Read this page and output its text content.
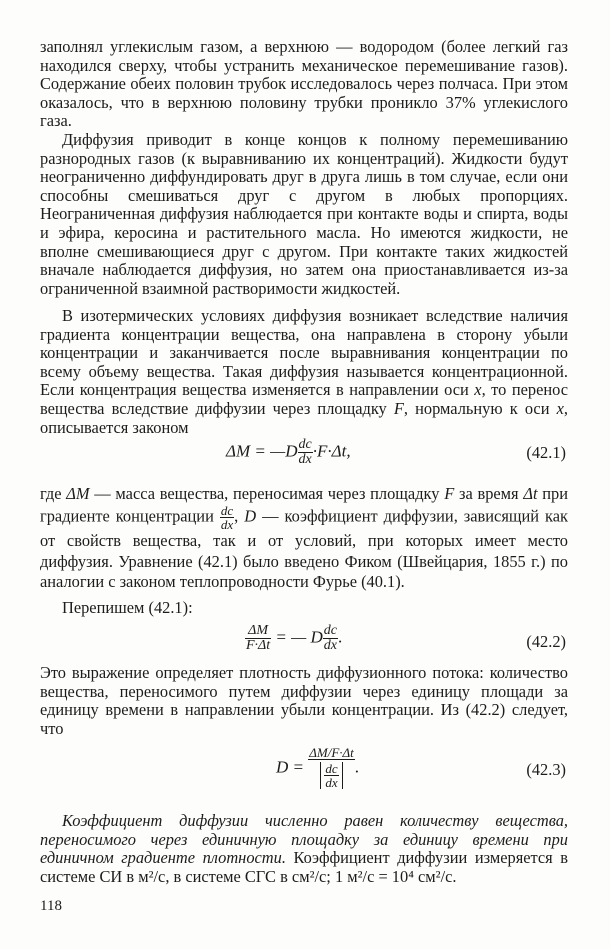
заполнял углекислым газом, а верхнюю — водородом (более легкий газ находился сверху, чтобы устранить механическое перемешивание газов). Содержание обеих половин трубок исследовалось через полчаса. При этом оказалось, что в верхнюю половину трубки проникло 37% углекислого газа.

Диффузия приводит в конце концов к полному перемешиванию разнородных газов (к выравниванию их концентраций). Жидкости будут неограниченно диффундировать друг в друга лишь в том случае, если они способны смешиваться друг с другом в любых пропорциях. Неограниченная диффузия наблюдается при контакте воды и спирта, воды и эфира, керосина и растительного масла. Но имеются жидкости, не вполне смешивающиеся друг с другом. При контакте таких жидкостей вначале наблюдается диффузия, но затем она приостанавливается из-за ограниченной взаимной растворимости жидкостей.

В изотермических условиях диффузия возникает вследствие наличия градиента концентрации вещества, она направлена в сторону убыли концентрации и заканчивается после выравнивания концентрации по всему объему вещества. Такая диффузия называется концентрационной. Если концентрация вещества изменяется в направлении оси x, то перенос вещества вследствие диффузии через площадку F, нормальную к оси x, описывается законом

ΔM = —D $\frac{dc}{dx} \cdot F\cdot\Delta t$,	(42.1)

где ΔM — масса вещества, переносимая через площадку F за время Δt при градиенте концентрации $\frac{dc}{dx}$ , D — коэффициент диффузии, зависящий как от свойств вещества, так и от условий, при которых имеет место диффузия. Уравнение (42.1) было введено Фиком (Швейцария, 1855 г.) по аналогии с законом теплопроводности Фурье (40.1).

Перепишем (42.1):

$\frac{\Delta M}{F\cdot\Delta t}$ = — D $\frac{dc}{dx}$ .	(42.2)

Это выражение определяет плотность диффузионного потока: количество вещества, переносимого путем диффузии через единицу площади за единицу времени в направлении убыли концентрации. Из (42.2) следует, что

$D = \frac{\Delta M/F\cdot\Delta t}{\frac{dc}{dx}}$ .	(42.3)

Коэффициент диффузии численно равен количеству вещества, переносимого через единичную площадку за единицу времени при единичном градиенте плотности. Коэффициент диффузии измеряется в системе СИ в м²/с, в системе СГС в см²/с; 1 м²/с = 10⁴ см²/с.

118
